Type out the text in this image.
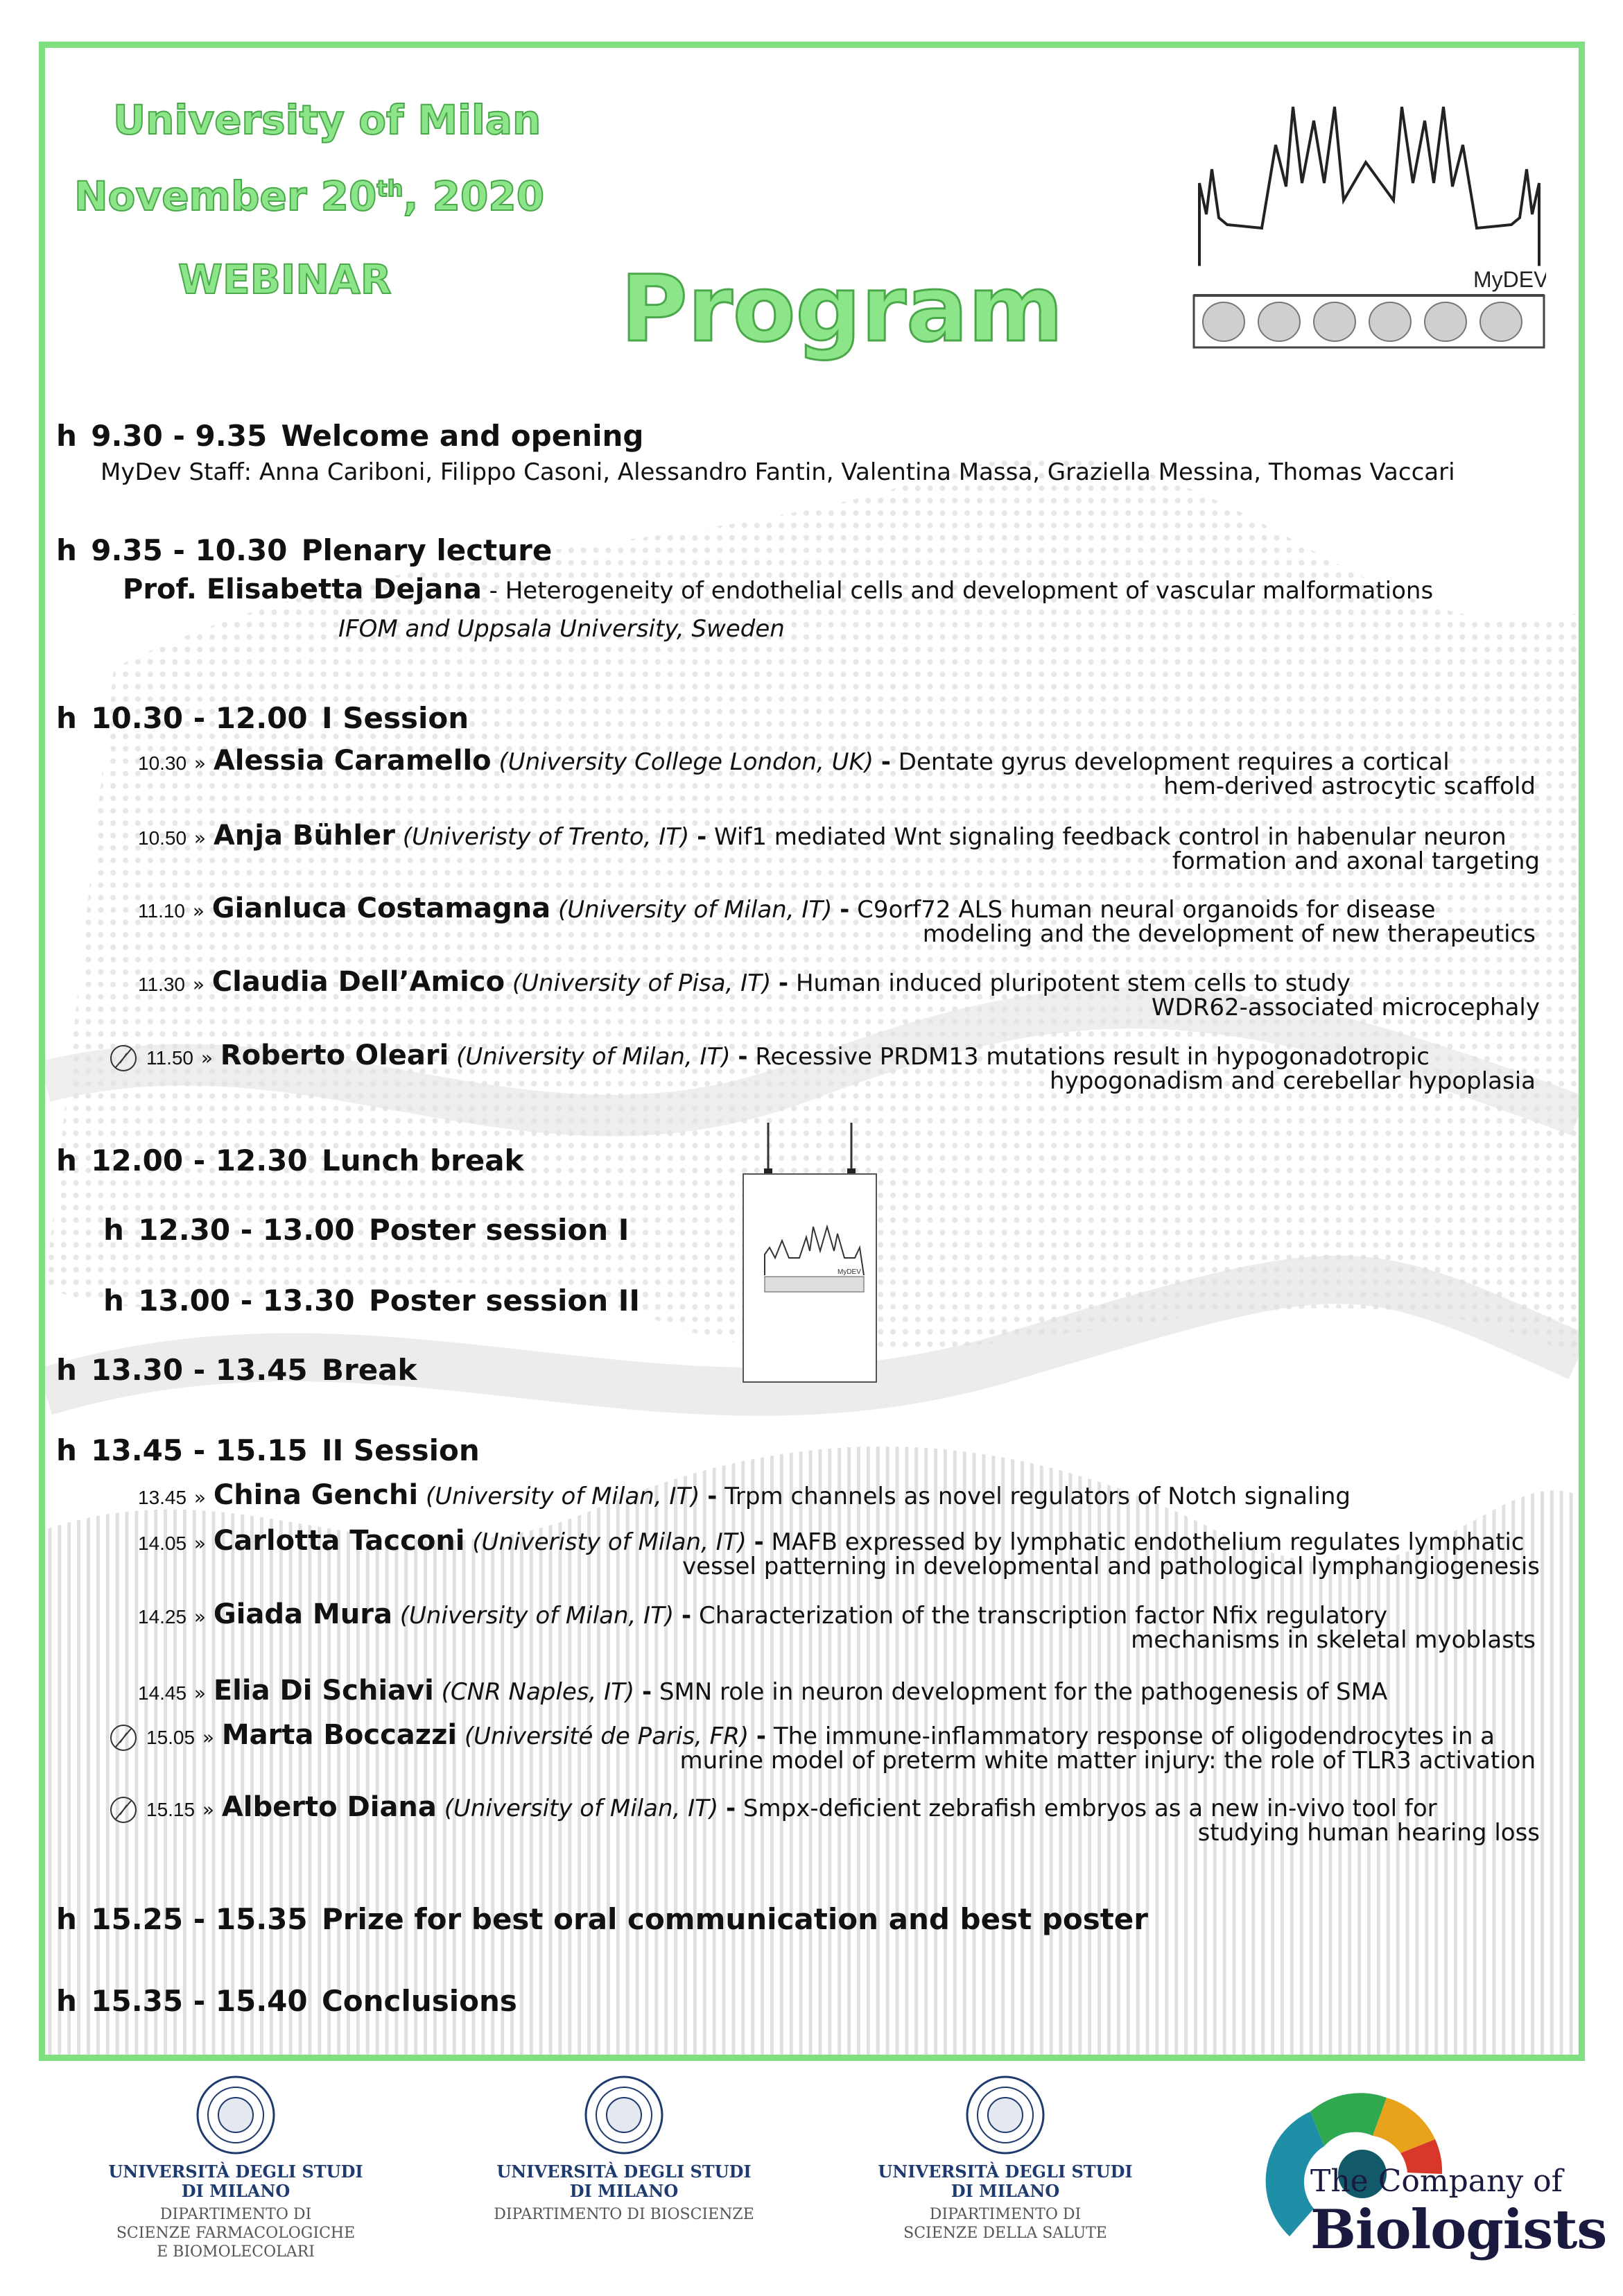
University of Milan
November 20th, 2020
WEBINAR	Program	MyDEV
h 9.30 - 9.35 Welcome and opening
MyDev Staff: Anna Cariboni, Filippo Casoni, Alessandro Fantin, Valentina Massa, Graziella Messina, Thomas Vaccari
h 9.35 - 10.30 Plenary lecture
Prof. Elisabetta Dejana - Heterogeneity of endothelial cells and development of vascular malformations
IFOM and Uppsala University, Sweden
h 10.30 - 12.00 I Session
10.30 » Alessia Caramello (University College London, UK) - Dentate gyrus development requires a cortical
hem-derived astrocytic scaffold
10.50 » Anja Bühler (Univeristy of Trento, IT) - Wif1 mediated Wnt signaling feedback control in habenular neuron
formation and axonal targeting
11.10 » Gianluca Costamagna (University of Milan, IT) - C9orf72 ALS human neural organoids for disease
modeling and the development of new therapeutics
11.30 » Claudia Dell’Amico (University of Pisa, IT) - Human induced pluripotent stem cells to study
WDR62-associated microcephaly
11.50 » Roberto Oleari (University of Milan, IT) - Recessive PRDM13 mutations result in hypogonadotropic
hypogonadism and cerebellar hypoplasia
h 12.00 - 12.30 Lunch break
h 12.30 - 13.00 Poster session I
h 13.00 - 13.30 Poster session II
h 13.30 - 13.45 Break
MyDEV
h 13.45 - 15.15 II Session
13.45 » China Genchi (University of Milan, IT) - Trpm channels as novel regulators of Notch signaling
14.05 » Carlotta Tacconi (Univeristy of Milan, IT) - MAFB expressed by lymphatic endothelium regulates lymphatic
vessel patterning in developmental and pathological lymphangiogenesis
14.25 » Giada Mura (University of Milan, IT) - Characterization of the transcription factor Nfix regulatory
mechanisms in skeletal myoblasts
14.45 » Elia Di Schiavi (CNR Naples, IT) - SMN role in neuron development for the pathogenesis of SMA
15.05 » Marta Boccazzi (Université de Paris, FR) - The immune-inflammatory response of oligodendrocytes in a
murine model of preterm white matter injury: the role of TLR3 activation
15.15 » Alberto Diana (University of Milan, IT) - Smpx-deficient zebrafish embryos as a new in-vivo tool for
studying human hearing loss
h 15.25 - 15.35 Prize for best oral communication and best poster
h 15.35 - 15.40 Conclusions
UNIVERSITÀ DEGLI STUDI
DI MILANO
DIPARTIMENTO DI
SCIENZE FARMACOLOGICHE
E BIOMOLECOLARI
UNIVERSITÀ DEGLI STUDI
DI MILANO
DIPARTIMENTO DI BIOSCIENZE
UNIVERSITÀ DEGLI STUDI
DI MILANO
DIPARTIMENTO DI
SCIENZE DELLA SALUTE
The Company of
Biologists
